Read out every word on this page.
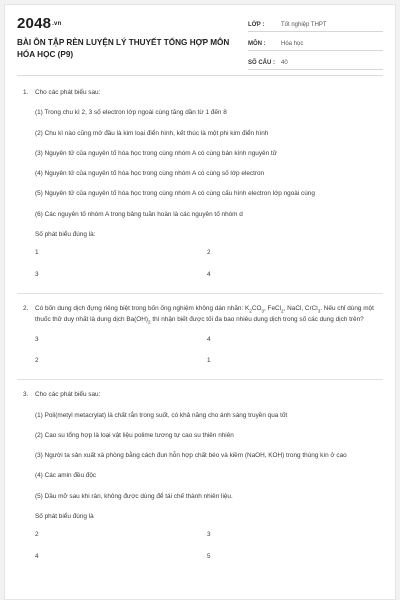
2048.vn
BÀI ÔN TẬP RÈN LUYỆN LÝ THUYẾT TỔNG HỢP MÔN HÓA HỌC (P9)
LỚP :	Tốt nghiệp THPT
MÔN :	Hóa học
SỐ CÂU :	40
1.	Cho các phát biểu sau:
(1) Trong chu kì 2, 3 số electron lớp ngoài cùng tăng dần từ 1 đến 8
(2) Chu kì nào cũng mở đầu là kim loại điển hình, kết thúc là một phi kim điển hình
(3) Nguyên tử của nguyên tố hóa học trong cùng nhóm A có cùng bán kính nguyên tử
(4) Nguyên tử của nguyên tố hóa học trong cùng nhóm A có cùng số lớp electron
(5) Nguyên tử của nguyên tố hóa học trong cùng nhóm A có cùng cấu hình electron lớp ngoài cùng
(6) Các nguyên tố nhóm A trong bảng tuần hoàn là các nguyên tố nhóm d
Số phát biểu đúng là:
1	2
3	4
2.	Có bốn dung dịch đựng riêng biệt trong bốn ống nghiệm không dán nhãn: $K_2CO_3$, FeCl$_2$, NaCl, CrCl$_3$. Nếu chỉ dùng một thuốc thử duy nhất là dung dịch $Ba(OH)_2$ thì nhận biết được tối đa bao nhiêu dung dịch trong số các dung dịch trên?
3	4
2	1
3.	Cho các phát biểu sau:
(1) Poli(metyl metacrylat) là chất rắn trong suốt, có khả năng cho ánh sáng truyền qua tốt
(2) Cao su tổng hợp là loại vật liệu polime tương tự cao su thiên nhiên
(3) Người ta sản xuất xà phòng bằng cách đun hỗn hợp chất béo và kiềm (NaOH, KOH) trong thùng kín ở cao
(4) Các amin đều độc
(5) Dầu mỡ sau khi rán, không được dùng để tái chế thành nhiên liệu.
Số phát biểu đúng là
2	3
4	5
